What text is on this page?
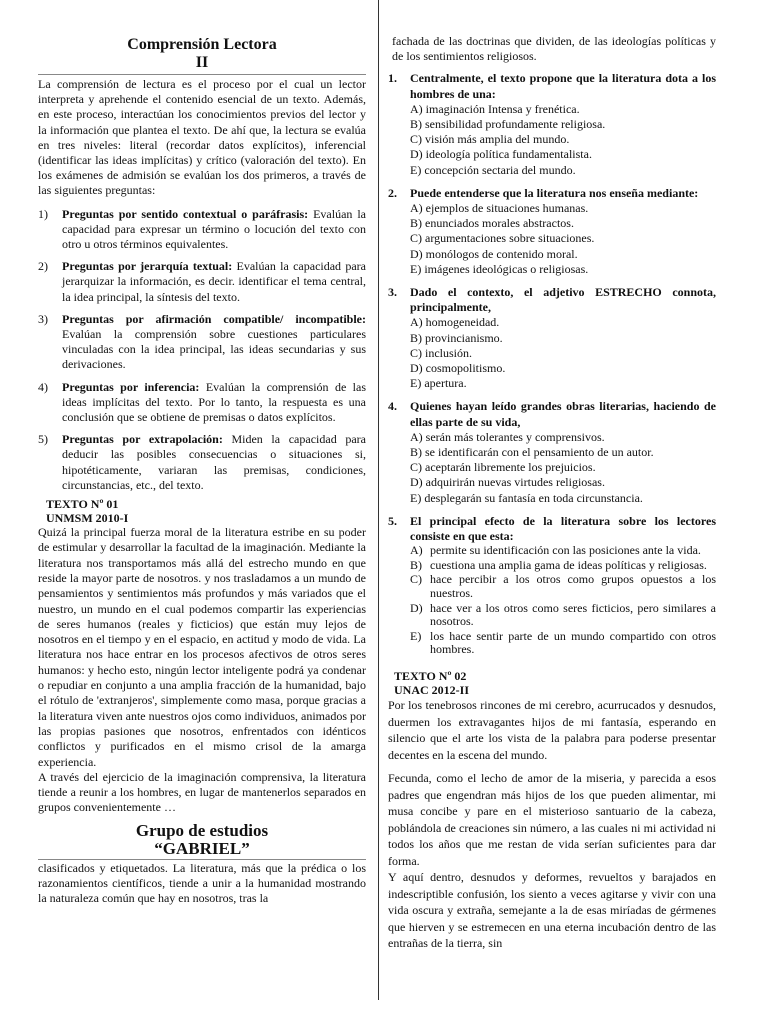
Comprensión Lectora

II

La comprensión de lectura es el proceso por el cual un lector interpreta y aprehende el contenido esencial de un texto. Además, en este proceso, interactúan los conocimientos previos del lector y la información que plantea el texto. De ahí que, la lectura se evalúa en tres niveles: literal (recordar datos explícitos), inferencial (identificar las ideas implícitas) y crítico (valoración del texto). En los exámenes de admisión se evalúan los dos primeros, a través de las siguientes preguntas:

1) Preguntas por sentido contextual o paráfrasis: Evalúan la capacidad para expresar un término o locución del texto con otro u otros términos equivalentes.
2) Preguntas por jerarquía textual: Evalúan la capacidad para jerarquizar la información, es decir. identificar el tema central, la idea principal, la síntesis del texto.
3) Preguntas por afirmación compatible/ incompatible: Evalúan la comprensión sobre cuestiones particulares vinculadas con la idea principal, las ideas secundarias y sus derivaciones.
4) Preguntas por inferencia: Evalúan la comprensión de las ideas implícitas del texto. Por lo tanto, la respuesta es una conclusión que se obtiene de premisas o datos explícitos.
5) Preguntas por extrapolación: Miden la capacidad para deducir las posibles consecuencias o situaciones si, hipotéticamente, variaran las premisas, condiciones, circunstancias, etc., del texto.

TEXTO Nº 01

UNMSM 2010-I

Quizá la principal fuerza moral de la literatura estribe en su poder de estimular y desarrollar la facultad de la imaginación. Mediante la literatura nos transportamos más allá del estrecho mundo en que reside la mayor parte de nosotros. y nos trasladamos a un mundo de pensamientos y sentimientos más profundos y más variados que el nuestro, un mundo en el cual podemos compartir las experiencias de seres humanos (reales y ficticios) que están muy lejos de nosotros en el tiempo y en el espacio, en actitud y modo de vida. La literatura nos hace entrar en los procesos afectivos de otros seres humanos: y hecho esto, ningún lector inteligente podrá ya condenar o repudiar en conjunto a una amplia fracción de la humanidad, bajo el rótulo de 'extranjeros', simplemente como masa, porque gracias a la literatura viven ante nuestros ojos como individuos, animados por las propias pasiones que nosotros, enfrentados con idénticos conflictos y purificados en el mismo crisol de la amarga experiencia.

A través del ejercicio de la imaginación comprensiva, la literatura tiende a reunir a los hombres, en lugar de mantenerlos separados en grupos convenientemente …

Grupo de estudios

“GABRIEL”

clasificados y etiquetados. La literatura, más que la prédica o los razonamientos científicos, tiende a unir a la humanidad mostrando la naturaleza común que hay en nosotros, tras la

fachada de las doctrinas que dividen, de las ideologías políticas y de los sentimientos religiosos.

1. Centralmente, el texto propone que la literatura dota a los hombres de una:
A) imaginación Intensa y frenética.
B) sensibilidad profundamente religiosa.
C) visión más amplia del mundo.
D) ideología política fundamentalista.
E) concepción sectaria del mundo.
2. Puede entenderse que la literatura nos enseña mediante:
A) ejemplos de situaciones humanas.
B) enunciados morales abstractos.
C) argumentaciones sobre situaciones.
D) monólogos de contenido moral.
E) imágenes ideológicas o religiosas.
3. Dado el contexto, el adjetivo ESTRECHO connota, principalmente,
A) homogeneidad.
B) provincianismo.
C) inclusión.
D) cosmopolitismo.
E) apertura.
4. Quienes hayan leído grandes obras literarias, haciendo de ellas parte de su vida,
A) serán más tolerantes y comprensivos.
B) se identificarán con el pensamiento de un autor.
C) aceptarán libremente los prejuicios.
D) adquirirán nuevas virtudes religiosas.
E) desplegarán su fantasía en toda circunstancia.
5. El principal efecto de la literatura sobre los lectores consiste en que esta:
A) permite su identificación con las posiciones ante la vida.
B) cuestiona una amplia gama de ideas políticas y religiosas.
C) hace percibir a los otros como grupos opuestos a los nuestros.
D) hace ver a los otros como seres ficticios, pero similares a nosotros.
E) los hace sentir parte de un mundo compartido con otros hombres.

TEXTO Nº 02

UNAC 2012-II

Por los tenebrosos rincones de mi cerebro, acurrucados y desnudos, duermen los extravagantes hijos de mi fantasía, esperando en silencio que el arte los vista de la palabra para poderse presentar decentes en la escena del mundo.

Fecunda, como el lecho de amor de la miseria, y parecida a esos padres que engendran más hijos de los que pueden alimentar, mi musa concibe y pare en el misterioso santuario de la cabeza, poblándola de creaciones sin número, a las cuales ni mi actividad ni todos los años que me restan de vida serían suficientes para dar forma.

Y aquí dentro, desnudos y deformes, revueltos y barajados en indescriptible confusión, los siento a veces agitarse y vivir con una vida oscura y extraña, semejante a la de esas miríadas de gérmenes que hierven y se estremecen en una eterna incubación dentro de las entrañas de la tierra, sin
